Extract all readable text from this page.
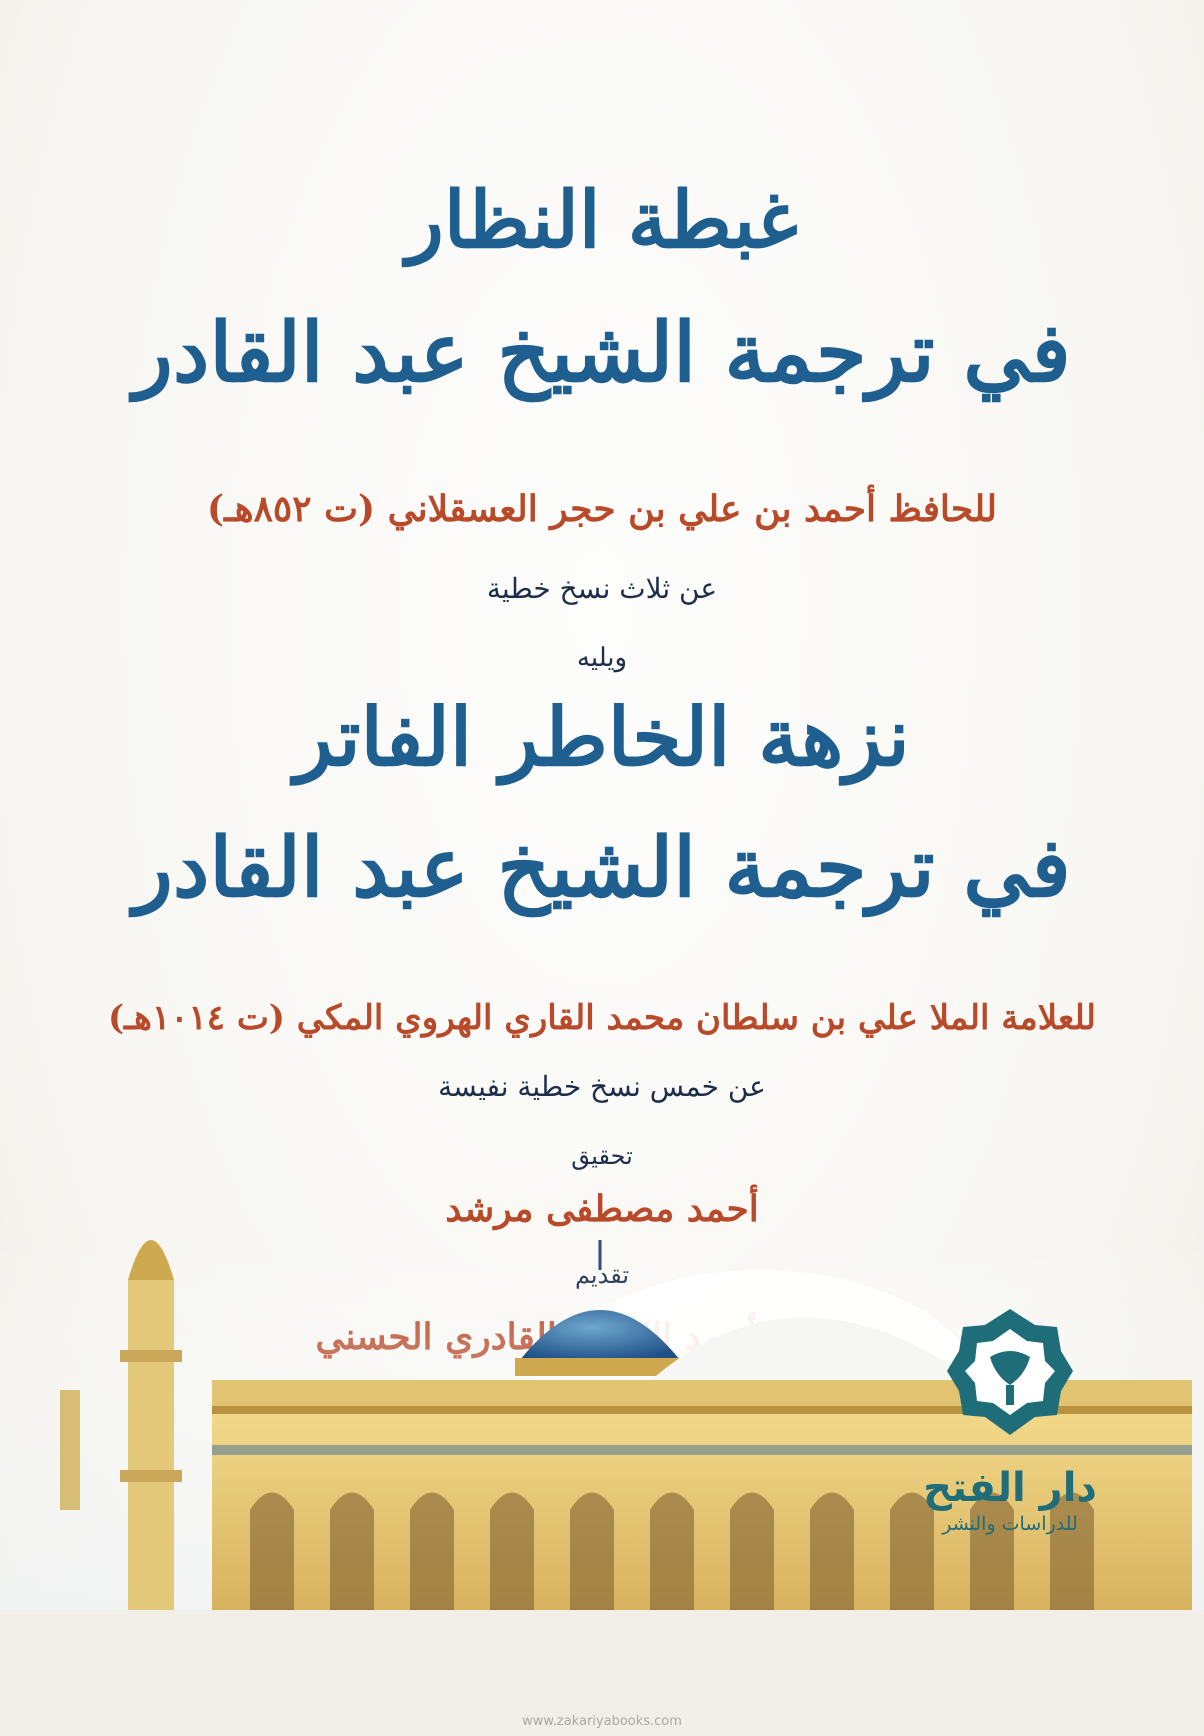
غبطة النظار
في ترجمة الشيخ عبد القادر
للحافظ أحمد بن علي بن حجر العسقلاني (ت ٨٥٢هـ)
عن ثلاث نسخ خطية
ويليه
نزهة الخاطر الفاتر
في ترجمة الشيخ عبد القادر
للعلامة الملا علي بن سلطان محمد القاري الهروي المكي (ت ١٠١٤هـ)
عن خمس نسخ خطية نفيسة
تحقيق
أحمد مصطفى مرشد
دار الفتح
للدراسات والنشر
www.zakariyabooks.com
